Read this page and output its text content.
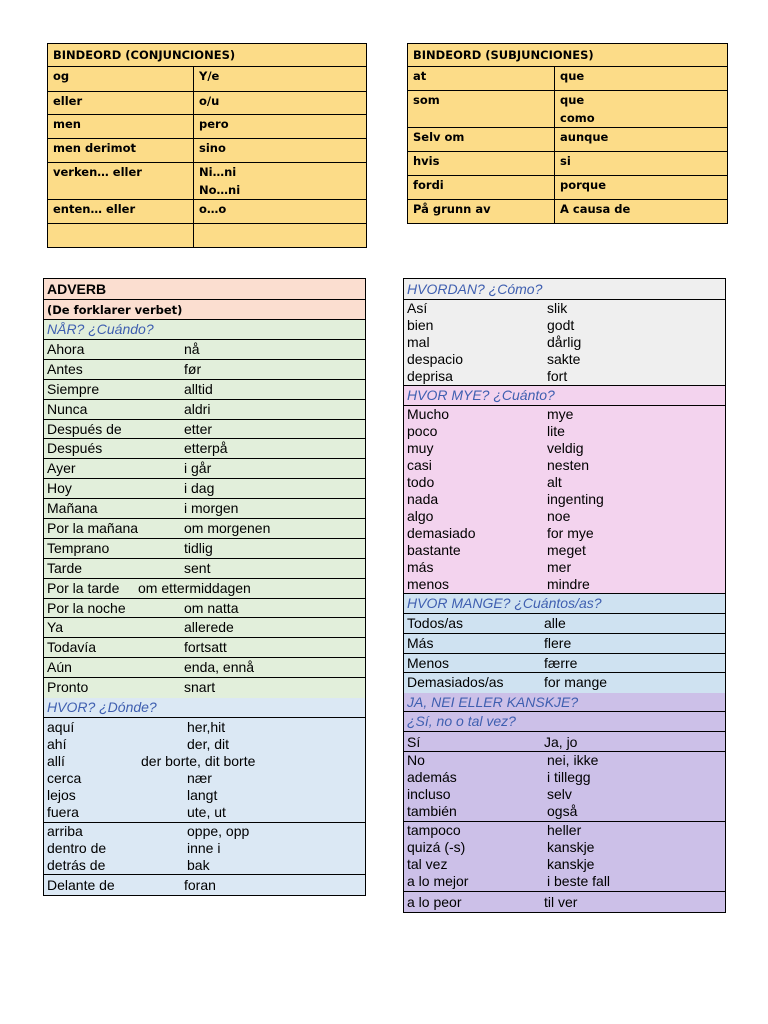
BINDEORD (CONJUNCIONES)	

og	Y/e

eller	o/u

men	pero

men derimot	sino

verken… eller	Ni…ni
No…ni

enten… eller	o…o

BINDEORD (SUBJUNCIONES)	

at	que

som	que
como

Selv om	aunque

hvis	si

fordi	porque

På grunn av	A causa de
ADVERB
(De forklarer verbet)
NÅR? ¿Cuándo?
Ahora	nå
Antes	før
Siempre	alltid
Nunca	aldri
Después de	etter
Después	etterpå
Ayer	i går
Hoy	i dag
Mañana	i morgen
Por la mañana	om morgenen
Temprano	tidlig
Tarde	sent
Por la tarde om ettermiddagen
Por la noche	om natta
Ya	allerede
Todavía	fortsatt
Aún	enda, ennå
Pronto	snart
HVOR? ¿Dónde?
aquí	her,hit
ahí	der, dit
allí	der borte, dit borte
cerca	nær
lejos	langt
fuera	ute, ut
arriba	oppe, opp
dentro de	inne i
detrás de	bak
Delante de	foran
HVORDAN? ¿Cómo?
Así	slik
bien	godt
mal	dårlig
despacio	sakte
deprisa	fort
HVOR MYE? ¿Cuánto?
Mucho	mye
poco	lite
muy	veldig
casi	nesten
todo	alt
nada	ingenting
algo	noe
demasiado	for mye
bastante	meget
más	mer
menos	mindre
HVOR MANGE? ¿Cuántos/as?
Todos/as	alle
Más	flere
Menos	færre
Demasiados/as	for mange
JA, NEI ELLER KANSKJE?
¿Sí, no o tal vez?
Sí	Ja, jo
No	nei, ikke
además	i tillegg
incluso	selv
también	også
tampoco	heller
quizá (-s)	kanskje
tal vez	kanskje
a lo mejor	i beste fall
a lo peor	til ver
